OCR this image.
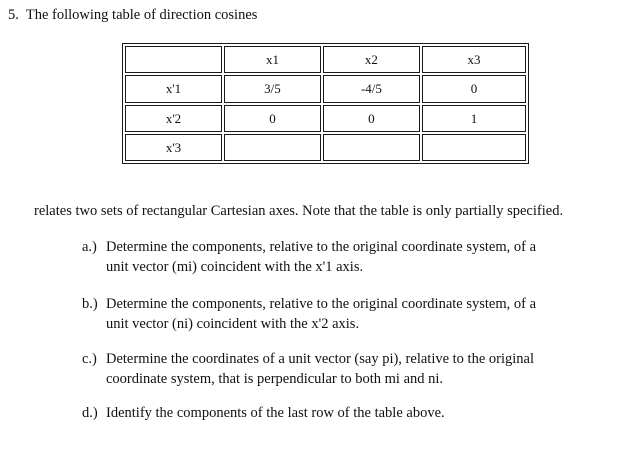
5. The following table of direction cosines
	x1	x2	x3
x'1	3/5	-4/5	0
x'2	0	0	1
x'3			
relates two sets of rectangular Cartesian axes. Note that the table is only partially specified.
a.) Determine the components, relative to the original coordinate system, of a
unit vector (mi) coincident with the x'1 axis.
b.) Determine the components, relative to the original coordinate system, of a
unit vector (ni) coincident with the x'2 axis.
c.) Determine the coordinates of a unit vector (say pi), relative to the original
coordinate system, that is perpendicular to both mi and ni.
d.) Identify the components of the last row of the table above.
